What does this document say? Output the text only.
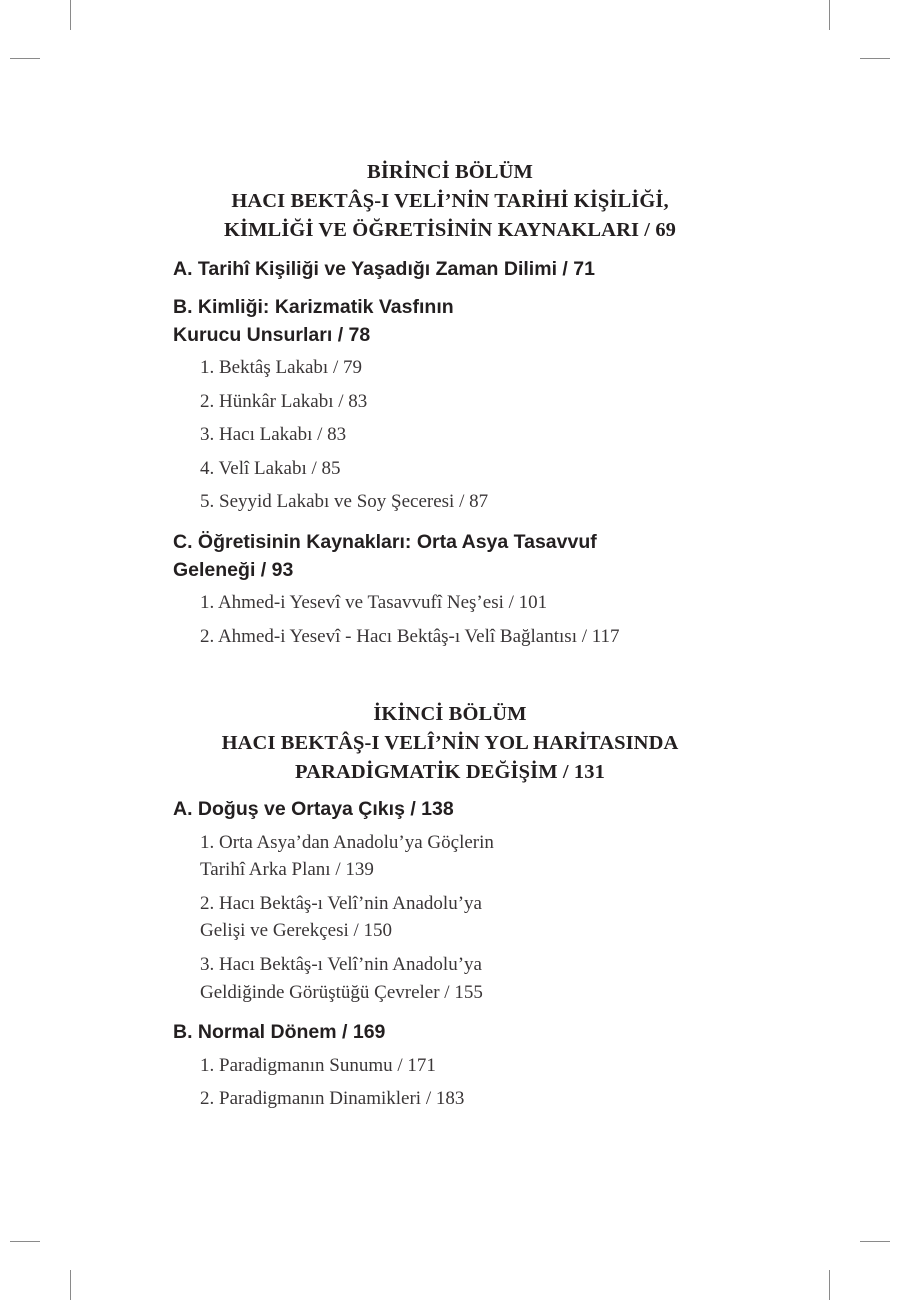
BİRİNCİ BÖLÜM
HACI BEKTÂŞ-I VELİ’NİN TARİHİ KİŞİLİĞİ,
KİMLİĞİ VE ÖĞRETİSİNİN KAYNAKLARI / 69
A. Tarihî Kişiliği ve Yaşadığı Zaman Dilimi / 71
B. Kimliği: Karizmatik Vasfının
Kurucu Unsurları / 78
1. Bektâş Lakabı / 79
2. Hünkâr Lakabı / 83
3. Hacı Lakabı / 83
4. Velî Lakabı / 85
5. Seyyid Lakabı ve Soy Şeceresi / 87
C. Öğretisinin Kaynakları: Orta Asya Tasavvuf
Geleneği / 93
1. Ahmed-i Yesevî ve Tasavvufî Neş’esi / 101
2. Ahmed-i Yesevî - Hacı Bektâş-ı Velî Bağlantısı / 117
İKİNCİ BÖLÜM
HACI BEKTÂŞ-I VELÎ’NİN YOL HARİTASINDA
PARADİGMATİK DEĞİŞİM / 131
A. Doğuş ve Ortaya Çıkış / 138
1. Orta Asya’dan Anadolu’ya Göçlerin
Tarihî Arka Planı / 139
2. Hacı Bektâş-ı Velî’nin Anadolu’ya
Gelişi ve Gerekçesi / 150
3. Hacı Bektâş-ı Velî’nin Anadolu’ya
Geldiğinde Görüştüğü Çevreler / 155
B. Normal Dönem / 169
1. Paradigmanın Sunumu / 171
2. Paradigmanın Dinamikleri / 183
